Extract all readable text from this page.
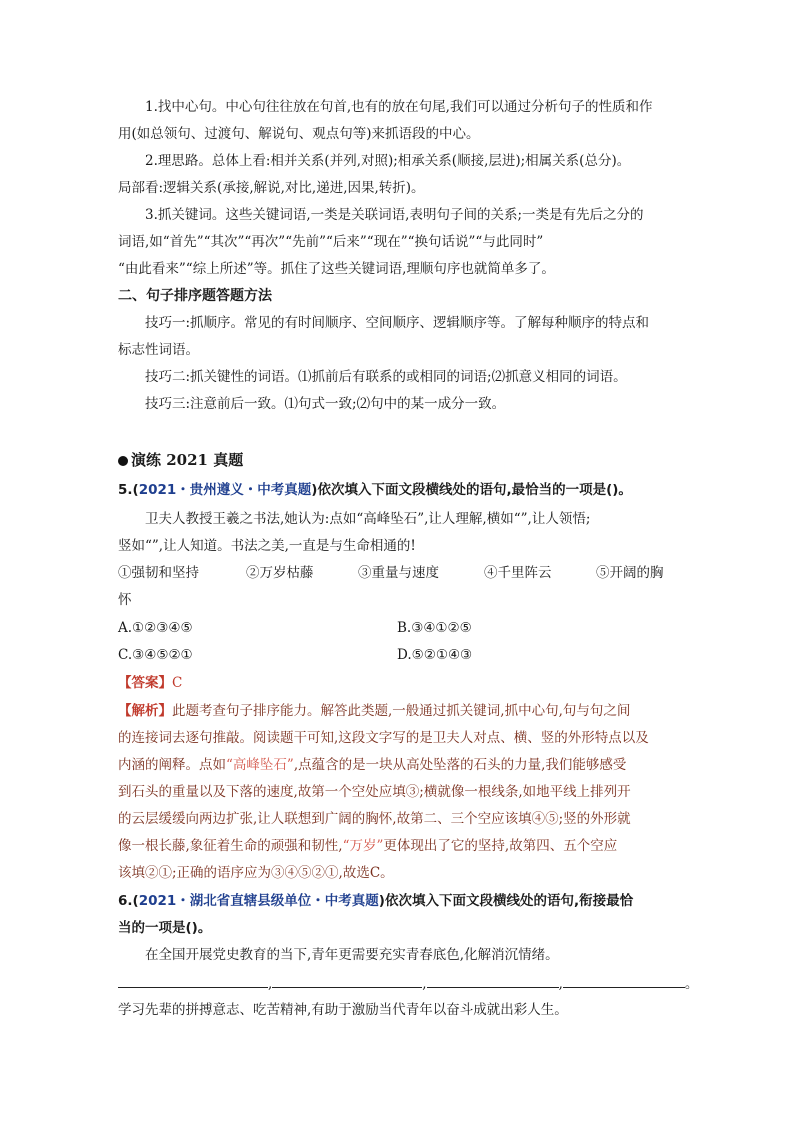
1.找中心句。中心句往往放在句首,也有的放在句尾,我们可以通过分析句子的性质和作
用(如总领句、过渡句、解说句、观点句等)来抓语段的中心。
2.理思路。总体上看:相并关系(并列,对照);相承关系(顺接,层进);相属关系(总分)。
局部看:逻辑关系(承接,解说,对比,递进,因果,转折)。
3.抓关键词。这些关键词语,一类是关联词语,表明句子间的关系;一类是有先后之分的
词语,如“首先”“其次”“再次”“先前”“后来”“现在”“换句话说”“与此同时”
“由此看来”“综上所述”等。抓住了这些关键词语,理顺句序也就简单多了。
二、句子排序题答题方法
技巧一:抓顺序。常见的有时间顺序、空间顺序、逻辑顺序等。了解每种顺序的特点和
标志性词语。
技巧二:抓关键性的词语。⑴抓前后有联系的或相同的词语;⑵抓意义相同的词语。
技巧三:注意前后一致。⑴句式一致;⑵句中的某一成分一致。
演练 2021 真题
5.(2021・贵州遵义・中考真题)依次填入下面文段横线处的语句,最恰当的一项是()。
卫夫人教授王羲之书法,她认为:点如“高峰坠石”,让人理解,横如“”,让人领悟;
竖如“”,让人知道。书法之美,一直是与生命相通的!
①强韧和坚持	②万岁枯藤	③重量与速度	④千里阵云	⑤开阔的胸
怀
A.①②③④⑤	B.③④①②⑤
C.③④⑤②①	D.⑤②①④③
【答案】C
【解析】此题考查句子排序能力。解答此类题,一般通过抓关键词,抓中心句,句与句之间
的连接词去逐句推敲。阅读题干可知,这段文字写的是卫夫人对点、横、竖的外形特点以及
内涵的阐释。点如“高峰坠石”,点蕴含的是一块从高处坠落的石头的力量,我们能够感受
到石头的重量以及下落的速度,故第一个空处应填③;横就像一根线条,如地平线上排列开
的云层缓缓向两边扩张,让人联想到广阔的胸怀,故第二、三个空应该填④⑤;竖的外形就
像一根长藤,象征着生命的顽强和韧性,“万岁”更体现出了它的坚持,故第四、五个空应
该填②①;正确的语序应为③④⑤②①,故选C。
6.(2021・湖北省直辖县级单位・中考真题)依次填入下面文段横线处的语句,衔接最恰
当的一项是()。
在全国开展党史教育的当下,青年更需要充实青春底色,化解消沉情绪。
,	,	,	。
学习先辈的拼搏意志、吃苦精神,有助于激励当代青年以奋斗成就出彩人生。
